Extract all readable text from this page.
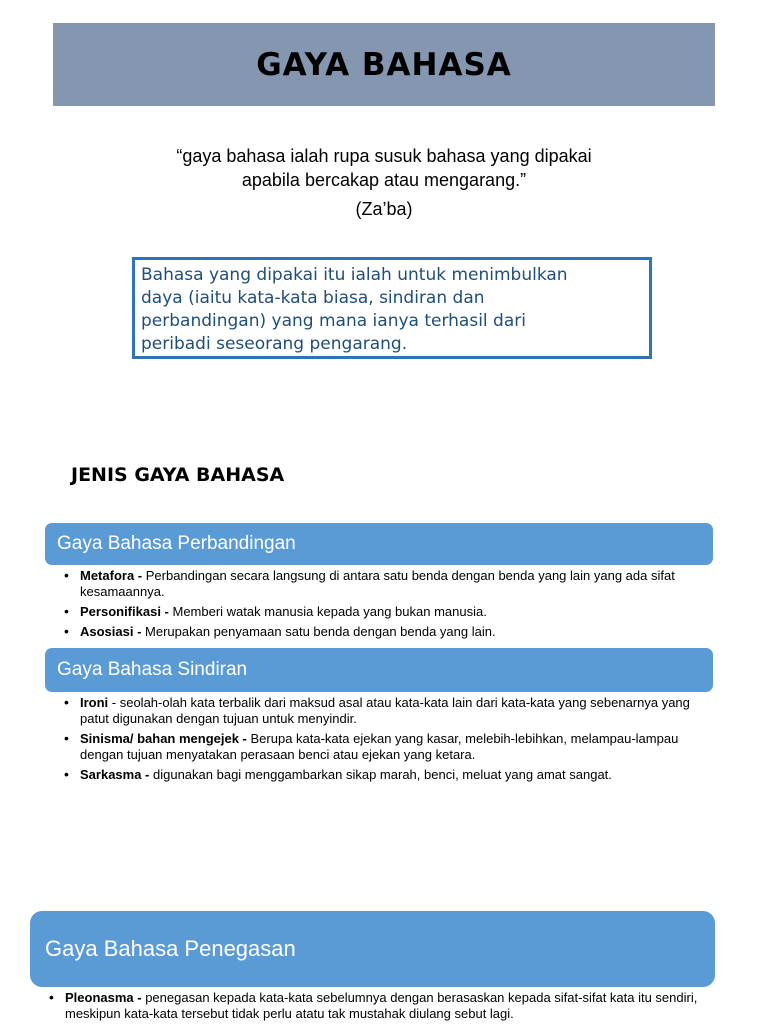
GAYA BAHASA
“gaya bahasa ialah rupa susuk bahasa yang dipakai
apabila bercakap atau mengarang.”
(Za’ba)
Bahasa yang dipakai itu ialah untuk menimbulkan
daya (iaitu kata-kata biasa, sindiran dan
perbandingan) yang mana ianya terhasil dari
peribadi seseorang pengarang.
JENIS GAYA BAHASA
Gaya Bahasa Perbandingan
• Metafora - Perbandingan secara langsung di antara satu benda dengan benda yang lain yang ada sifat kesamaannya.
• Personifikasi - Memberi watak manusia kepada yang bukan manusia.
• Asosiasi - Merupakan penyamaan satu benda dengan benda yang lain.
Gaya Bahasa Sindiran
• Ironi - seolah-olah kata terbalik dari maksud asal atau kata-kata lain dari kata-kata yang sebenarnya yang patut digunakan dengan tujuan untuk menyindir.
• Sinisma/ bahan mengejek - Berupa kata-kata ejekan yang kasar, melebih-lebihkan, melampau-lampau dengan tujuan menyatakan perasaan benci atau ejekan yang ketara.
• Sarkasma - digunakan bagi menggambarkan sikap marah, benci, meluat yang amat sangat.
Gaya Bahasa Penegasan
• Pleonasma - penegasan kepada kata-kata sebelumnya dengan berasaskan kepada sifat-sifat kata itu sendiri, meskipun kata-kata tersebut tidak perlu atatu tak mustahak diulang sebut lagi.
